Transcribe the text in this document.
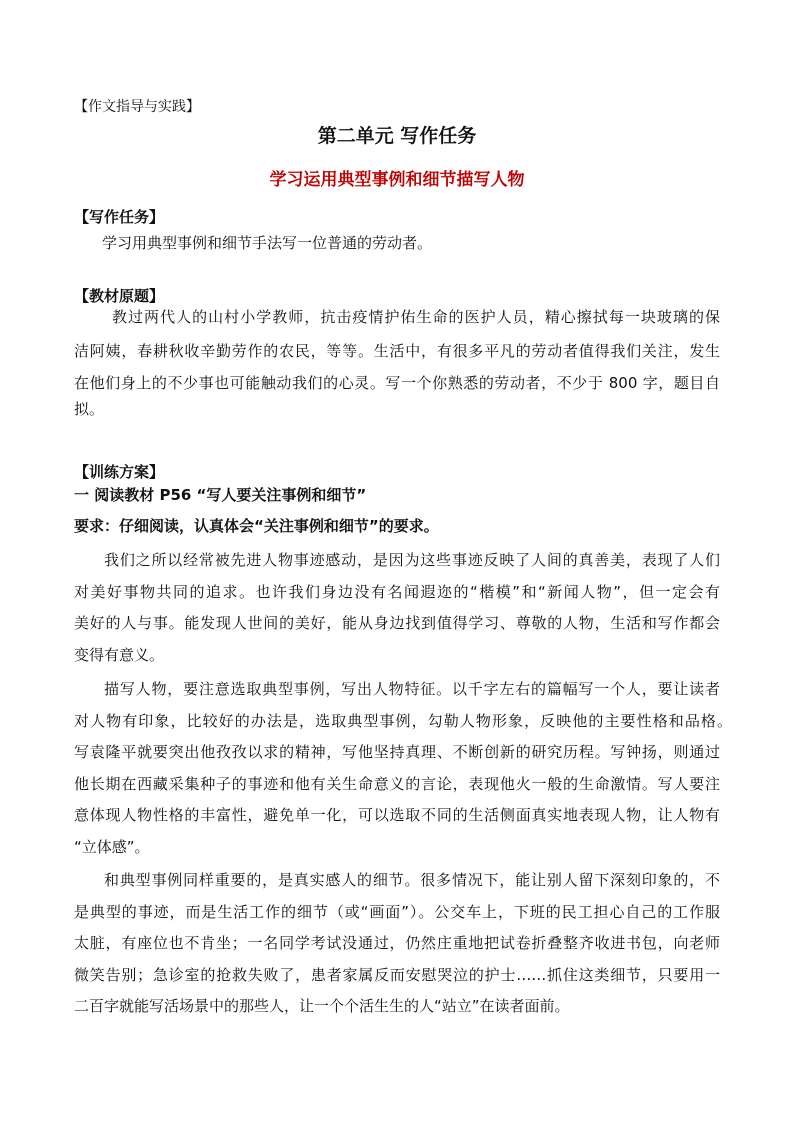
【作文指导与实践】
第二单元 写作任务
学习运用典型事例和细节描写人物
【写作任务】
学习用典型事例和细节手法写一位普通的劳动者。
【教材原题】
教过两代人的山村小学教师，抗击疫情护佑生命的医护人员，精心擦拭每一块玻璃的保
洁阿姨，春耕秋收辛勤劳作的农民，等等。生活中，有很多平凡的劳动者值得我们关注，发生
在他们身上的不少事也可能触动我们的心灵。写一个你熟悉的劳动者，不少于 800 字，题目自
拟。
【训练方案】
一 阅读教材 P56 “写人要关注事例和细节”
要求：仔细阅读，认真体会“关注事例和细节”的要求。
我们之所以经常被先进人物事迹感动，是因为这些事迹反映了人间的真善美，表现了人们
对美好事物共同的追求。也许我们身边没有名闻遐迩的“楷模”和“新闻人物”，但一定会有
美好的人与事。能发现人世间的美好，能从身边找到值得学习、尊敬的人物，生活和写作都会
变得有意义。
描写人物，要注意选取典型事例，写出人物特征。以千字左右的篇幅写一个人，要让读者
对人物有印象，比较好的办法是，选取典型事例，勾勒人物形象，反映他的主要性格和品格。
写袁隆平就要突出他孜孜以求的精神，写他坚持真理、不断创新的研究历程。写钟扬，则通过
他长期在西藏采集种子的事迹和他有关生命意义的言论，表现他火一般的生命激情。写人要注
意体现人物性格的丰富性，避免单一化，可以选取不同的生活侧面真实地表现人物，让人物有
“立体感”。
和典型事例同样重要的，是真实感人的细节。很多情况下，能让别人留下深刻印象的，不
是典型的事迹，而是生活工作的细节（或“画面”）。公交车上，下班的民工担心自己的工作服
太脏，有座位也不肯坐；一名同学考试没通过，仍然庄重地把试卷折叠整齐收进书包，向老师
微笑告别；急诊室的抢救失败了，患者家属反而安慰哭泣的护士……抓住这类细节，只要用一
二百字就能写活场景中的那些人，让一个个活生生的人“站立”在读者面前。
